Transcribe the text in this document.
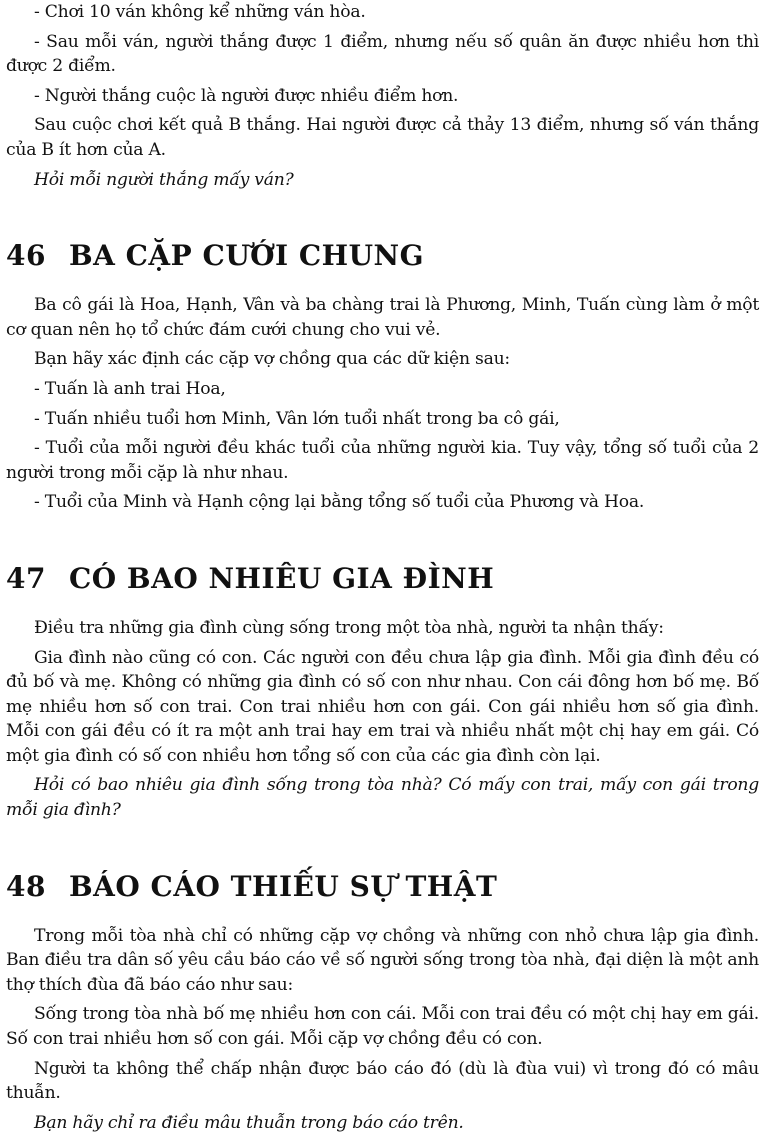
- Chơi 10 ván không kể những ván hòa.

- Sau mỗi ván, người thắng được 1 điểm, nhưng nếu số quân ăn được nhiều hơn thì được 2 điểm.

- Người thắng cuộc là người được nhiều điểm hơn.

Sau cuộc chơi kết quả B thắng. Hai người được cả thảy 13 điểm, nhưng số ván thắng của B ít hơn của A.

Hỏi mỗi người thắng mấy ván?

46 BA CẶP CƯỚI CHUNG

Ba cô gái là Hoa, Hạnh, Vân và ba chàng trai là Phương, Minh, Tuấn cùng làm ở một cơ quan nên họ tổ chức đám cưới chung cho vui vẻ.

Bạn hãy xác định các cặp vợ chồng qua các dữ kiện sau:

- Tuấn là anh trai Hoa,

- Tuấn nhiều tuổi hơn Minh, Vân lớn tuổi nhất trong ba cô gái,

- Tuổi của mỗi người đều khác tuổi của những người kia. Tuy vậy, tổng số tuổi của 2 người trong mỗi cặp là như nhau.

- Tuổi của Minh và Hạnh cộng lại bằng tổng số tuổi của Phương và Hoa.

47 CÓ BAO NHIÊU GIA ĐÌNH

Điều tra những gia đình cùng sống trong một tòa nhà, người ta nhận thấy:

Gia đình nào cũng có con. Các người con đều chưa lập gia đình. Mỗi gia đình đều có đủ bố và mẹ. Không có những gia đình có số con như nhau. Con cái đông hơn bố mẹ. Bố mẹ nhiều hơn số con trai. Con trai nhiều hơn con gái. Con gái nhiều hơn số gia đình. Mỗi con gái đều có ít ra một anh trai hay em trai và nhiều nhất một chị hay em gái. Có một gia đình có số con nhiều hơn tổng số con của các gia đình còn lại.

Hỏi có bao nhiêu gia đình sống trong tòa nhà? Có mấy con trai, mấy con gái trong mỗi gia đình?

48 BÁO CÁO THIẾU SỰ THẬT

Trong mỗi tòa nhà chỉ có những cặp vợ chồng và những con nhỏ chưa lập gia đình. Ban điều tra dân số yêu cầu báo cáo về số người sống trong tòa nhà, đại diện là một anh thợ thích đùa đã báo cáo như sau:

Sống trong tòa nhà bố mẹ nhiều hơn con cái. Mỗi con trai đều có một chị hay em gái. Số con trai nhiều hơn số con gái. Mỗi cặp vợ chồng đều có con.

Người ta không thể chấp nhận được báo cáo đó (dù là đùa vui) vì trong đó có mâu thuẫn.

Bạn hãy chỉ ra điều mâu thuẫn trong báo cáo trên.
